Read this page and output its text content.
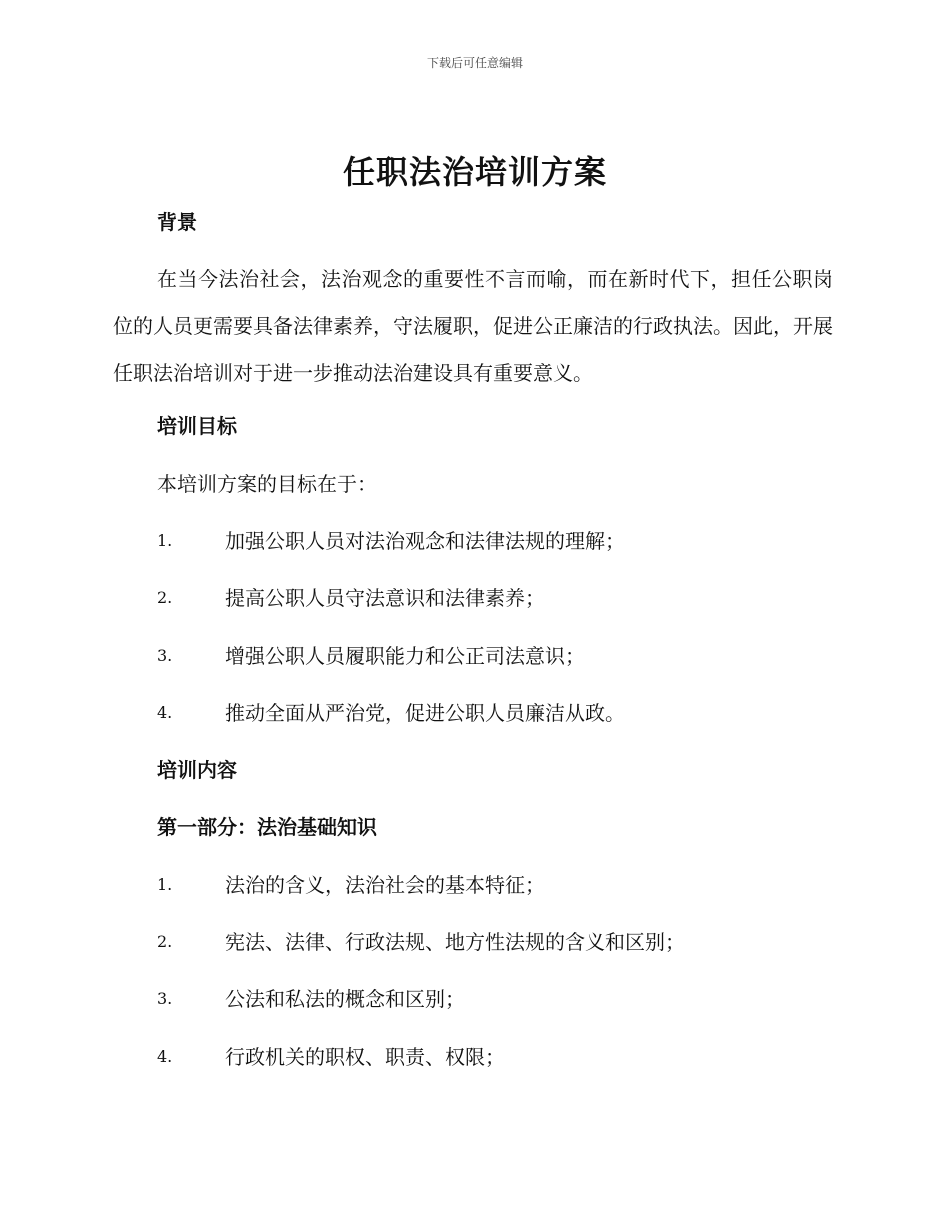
下载后可任意编辑
任职法治培训方案
背景

在当今法治社会，法治观念的重要性不言而喻，而在新时代下，担任公职岗位的人员更需要具备法律素养，守法履职，促进公正廉洁的行政执法。因此，开展任职法治培训对于进一步推动法治建设具有重要意义。

培训目标
本培训方案的目标在于：
1.	加强公职人员对法治观念和法律法规的理解；
2.	提高公职人员守法意识和法律素养；
3.	增强公职人员履职能力和公正司法意识；
4.	推动全面从严治党，促进公职人员廉洁从政。
培训内容
第一部分：法治基础知识
1.	法治的含义，法治社会的基本特征；
2.	宪法、法律、行政法规、地方性法规的含义和区别；
3.	公法和私法的概念和区别；
4.	行政机关的职权、职责、权限；
